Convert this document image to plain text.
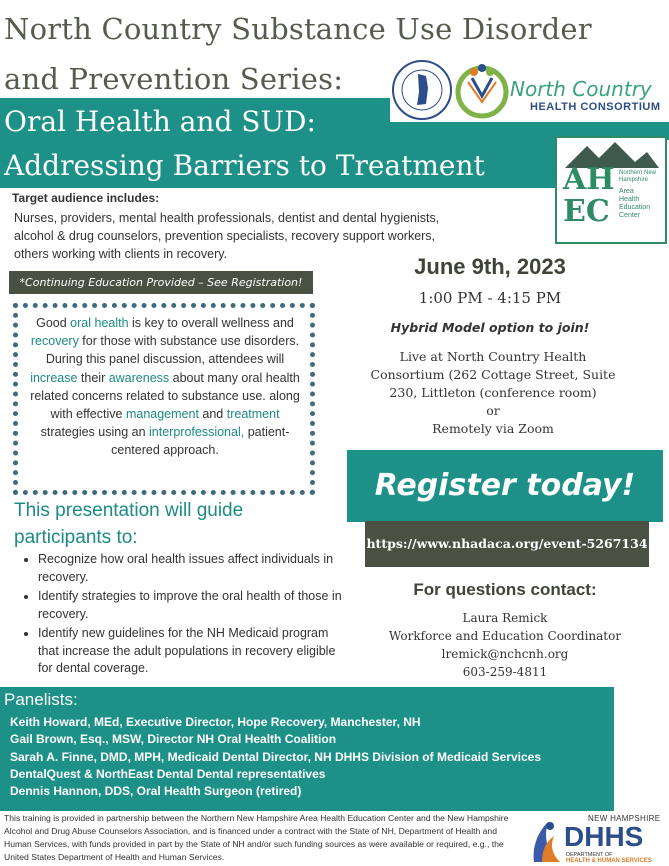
North Country Substance Use Disorder
and Prevention Series:
Oral Health and SUD:
Addressing Barriers to Treatment
North Country
HEALTH CONSORTIUM
Northern New Hampshire
AH
EC
Area
Health
Education
Center
Target audience includes:
Nurses, providers, mental health professionals, dentist and dental hygienists,
alcohol & drug counselors, prevention specialists, recovery support workers,
others working with clients in recovery.
*Continuing Education Provided – See Registration!
Good oral health is key to overall wellness and recovery for those with substance use disorders. During this panel discussion, attendees will increase their awareness about many oral health related concerns related to substance use. along with effective management and treatment strategies using an interprofessional, patient-centered approach.
This presentation will guide participants to:
• Recognize how oral health issues affect individuals in recovery.
• Identify strategies to improve the oral health of those in recovery.
• Identify new guidelines for the NH Medicaid program that increase the adult populations in recovery eligible for dental coverage.
June 9th, 2023
1:00 PM - 4:15 PM
Hybrid Model option to join!
Live at North Country Health
Consortium (262 Cottage Street, Suite
230, Littleton (conference room)
or
Remotely via Zoom
Register today!
https://www.nhadaca.org/event-5267134
For questions contact:
Laura Remick
Workforce and Education Coordinator
lremick@nchcnh.org
603-259-4811
Panelists:
Keith Howard, MEd, Executive Director, Hope Recovery, Manchester, NH
Gail Brown, Esq., MSW, Director NH Oral Health Coalition
Sarah A. Finne, DMD, MPH, Medicaid Dental Director, NH DHHS Division of Medicaid Services
DentalQuest & NorthEast Dental Dental representatives
Dennis Hannon, DDS, Oral Health Surgeon (retired)
This training is provided in partnership between the Northern New Hampshire Area Health Education Center and the New Hampshire Alcohol and Drug Abuse Counselors Association, and is financed under a contract with the State of NH, Department of Health and Human Services, with funds provided in part by the State of NH and/or such funding sources as were available or required, e.g., the United States Department of Health and Human Services.
NEW HAMPSHIRE
DHHS
DEPARTMENT OF
HEALTH & HUMAN SERVICES
